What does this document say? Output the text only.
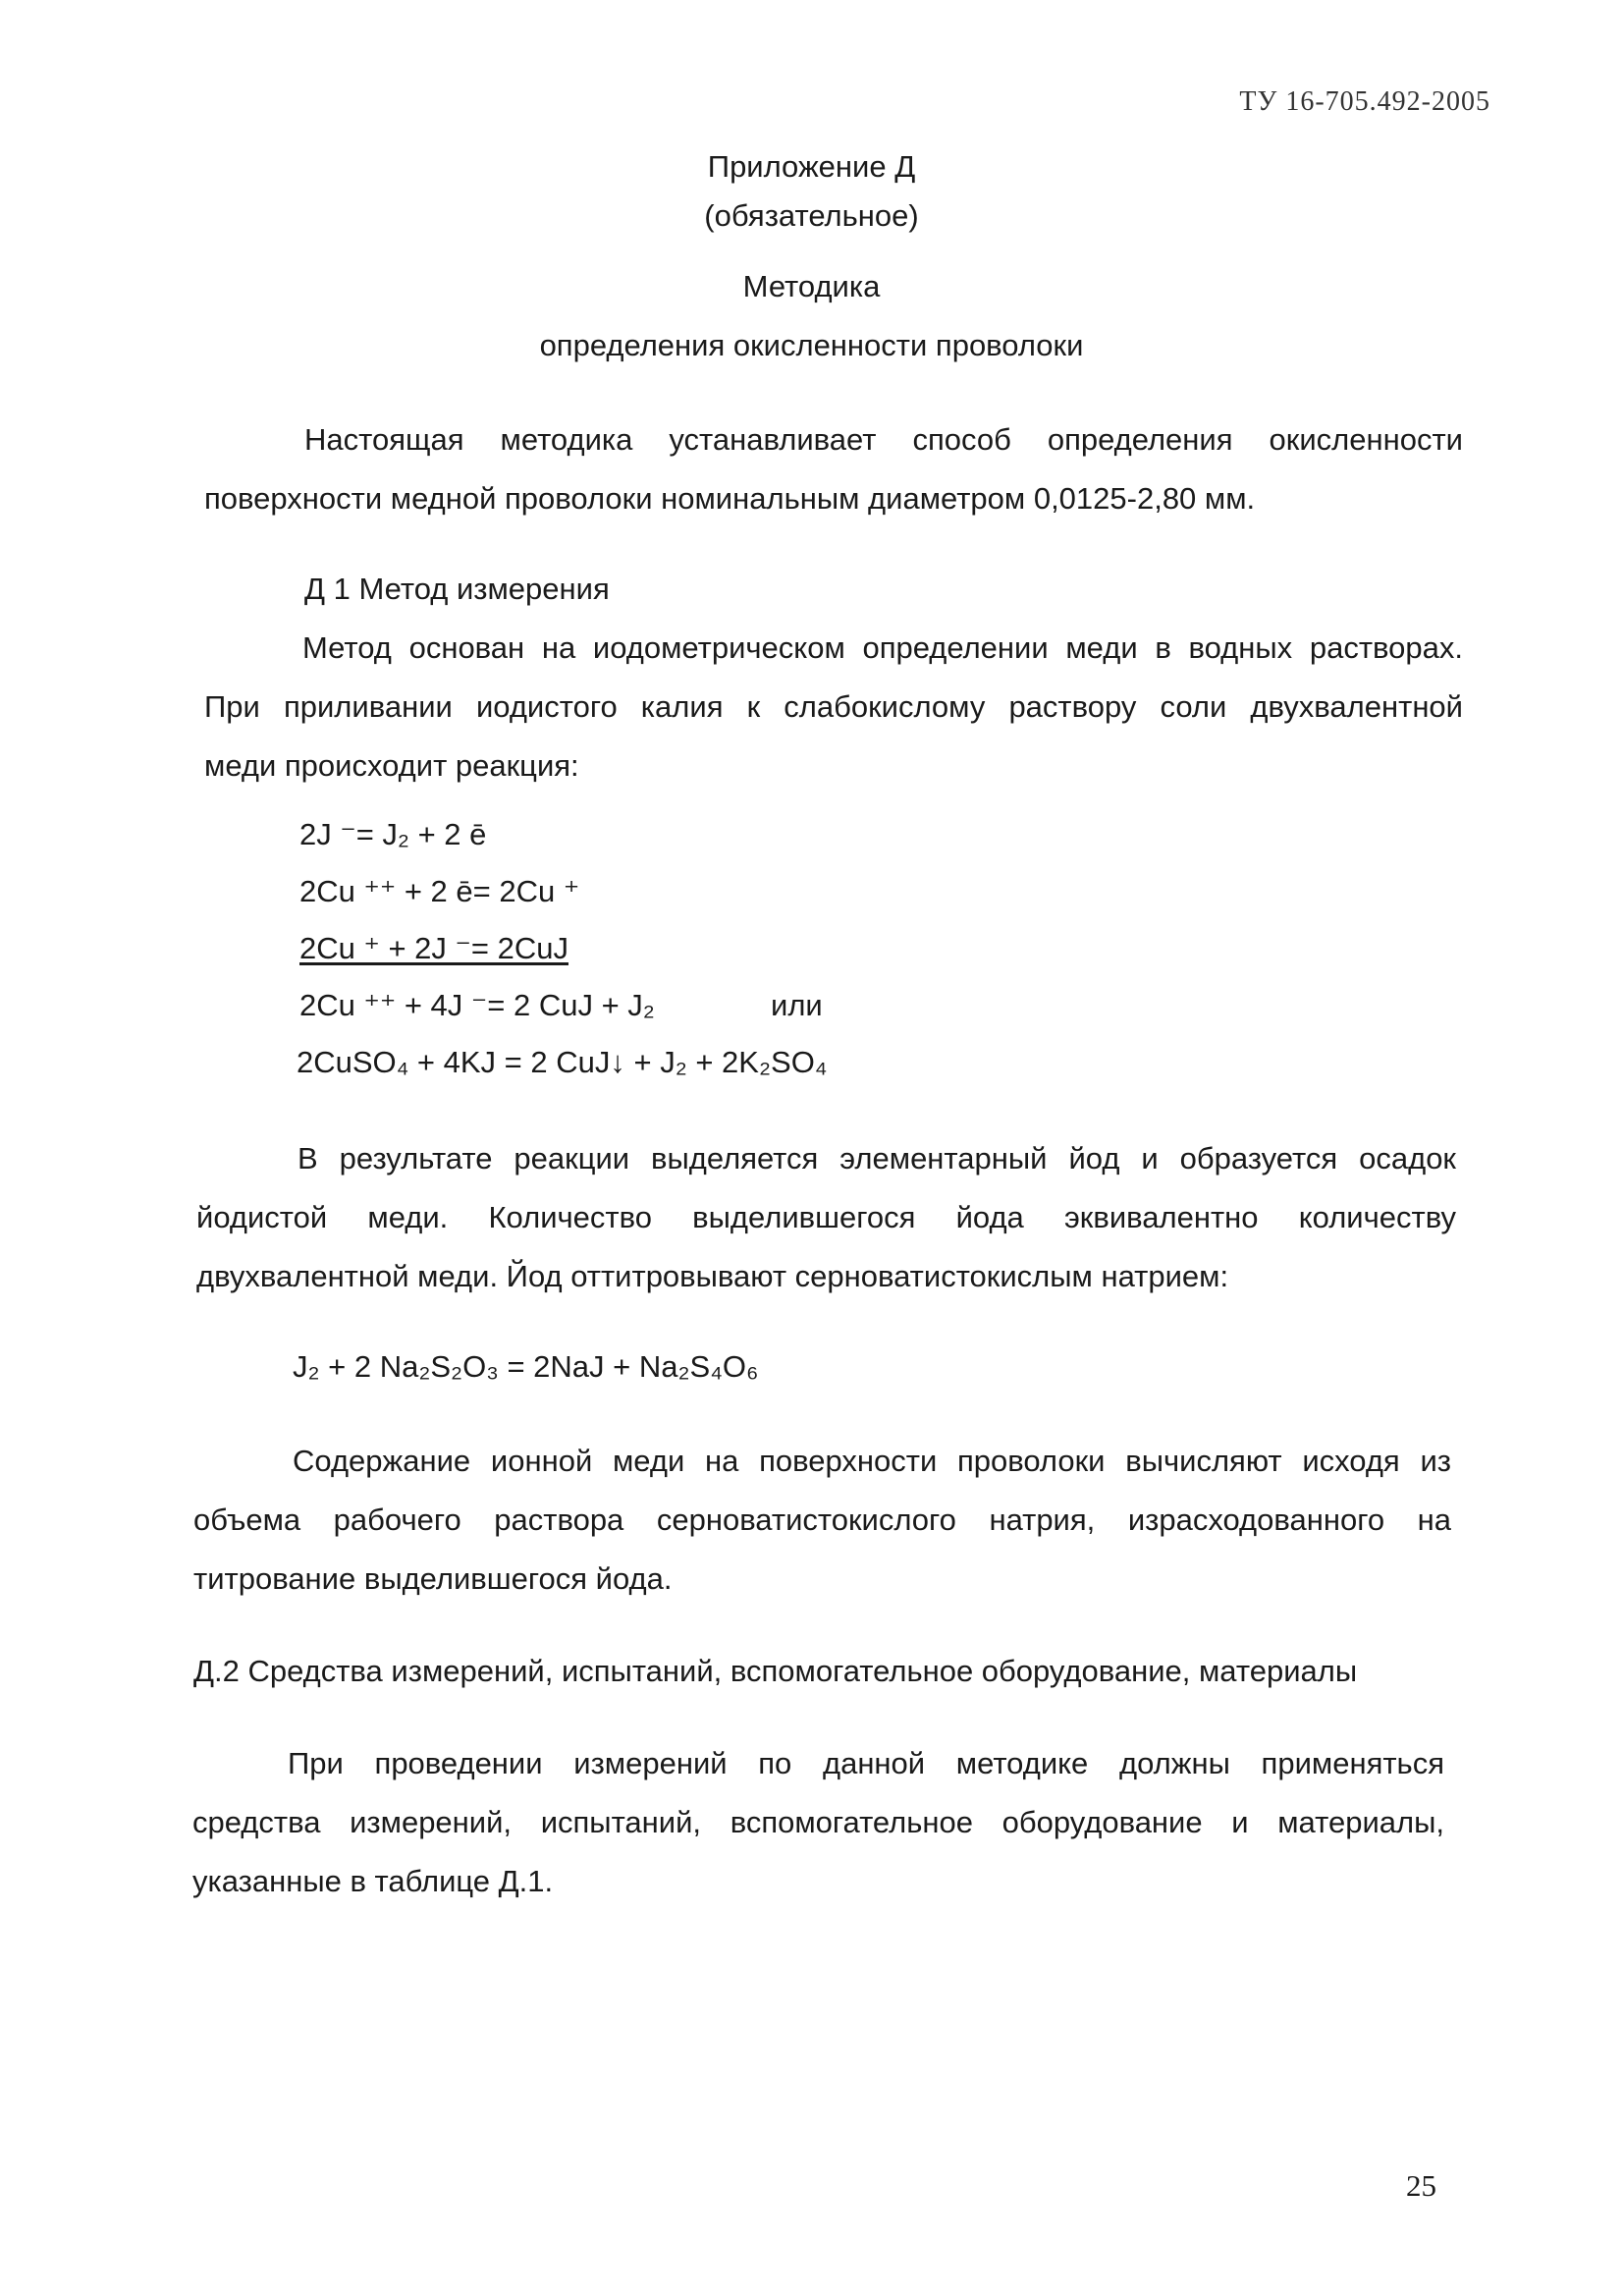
ТУ 16-705.492-2005
Приложение Д
(обязательное)
Методика
определения окисленности проволоки
Настоящая методика устанавливает способ определения окисленности
поверхности медной проволоки номинальным диаметром 0,0125-2,80 мм.
Д 1 Метод измерения
Метод основан на иодометрическом определении меди в водных растворах.
При приливании иодистого калия к слабокислому раствору соли двухвалентной
меди происходит реакция:
2J ⁻= J₂ + 2 ē
2Cu ⁺⁺ + 2 ē= 2Cu ⁺
2Cu ⁺ + 2J ⁻= 2CuJ
2Cu ⁺⁺ + 4J ⁻= 2 CuJ + J₂	или
2CuSO₄ + 4KJ = 2 CuJ↓ + J₂ + 2K₂SO₄
В результате реакции выделяется элементарный йод и образуется осадок
йодистой меди. Количество выделившегося йода эквивалентно количеству
двухвалентной меди. Йод оттитровывают серноватистокислым натрием:
J₂ + 2 Na₂S₂O₃ = 2NaJ + Na₂S₄O₆
Содержание ионной меди на поверхности проволоки вычисляют исходя из
объема рабочего раствора серноватистокислого натрия, израсходованного на
титрование выделившегося йода.
Д.2 Средства измерений, испытаний, вспомогательное оборудование, материалы
При проведении измерений по данной методике должны применяться
средства измерений, испытаний, вспомогательное оборудование и материалы,
указанные в таблице Д.1.
25
